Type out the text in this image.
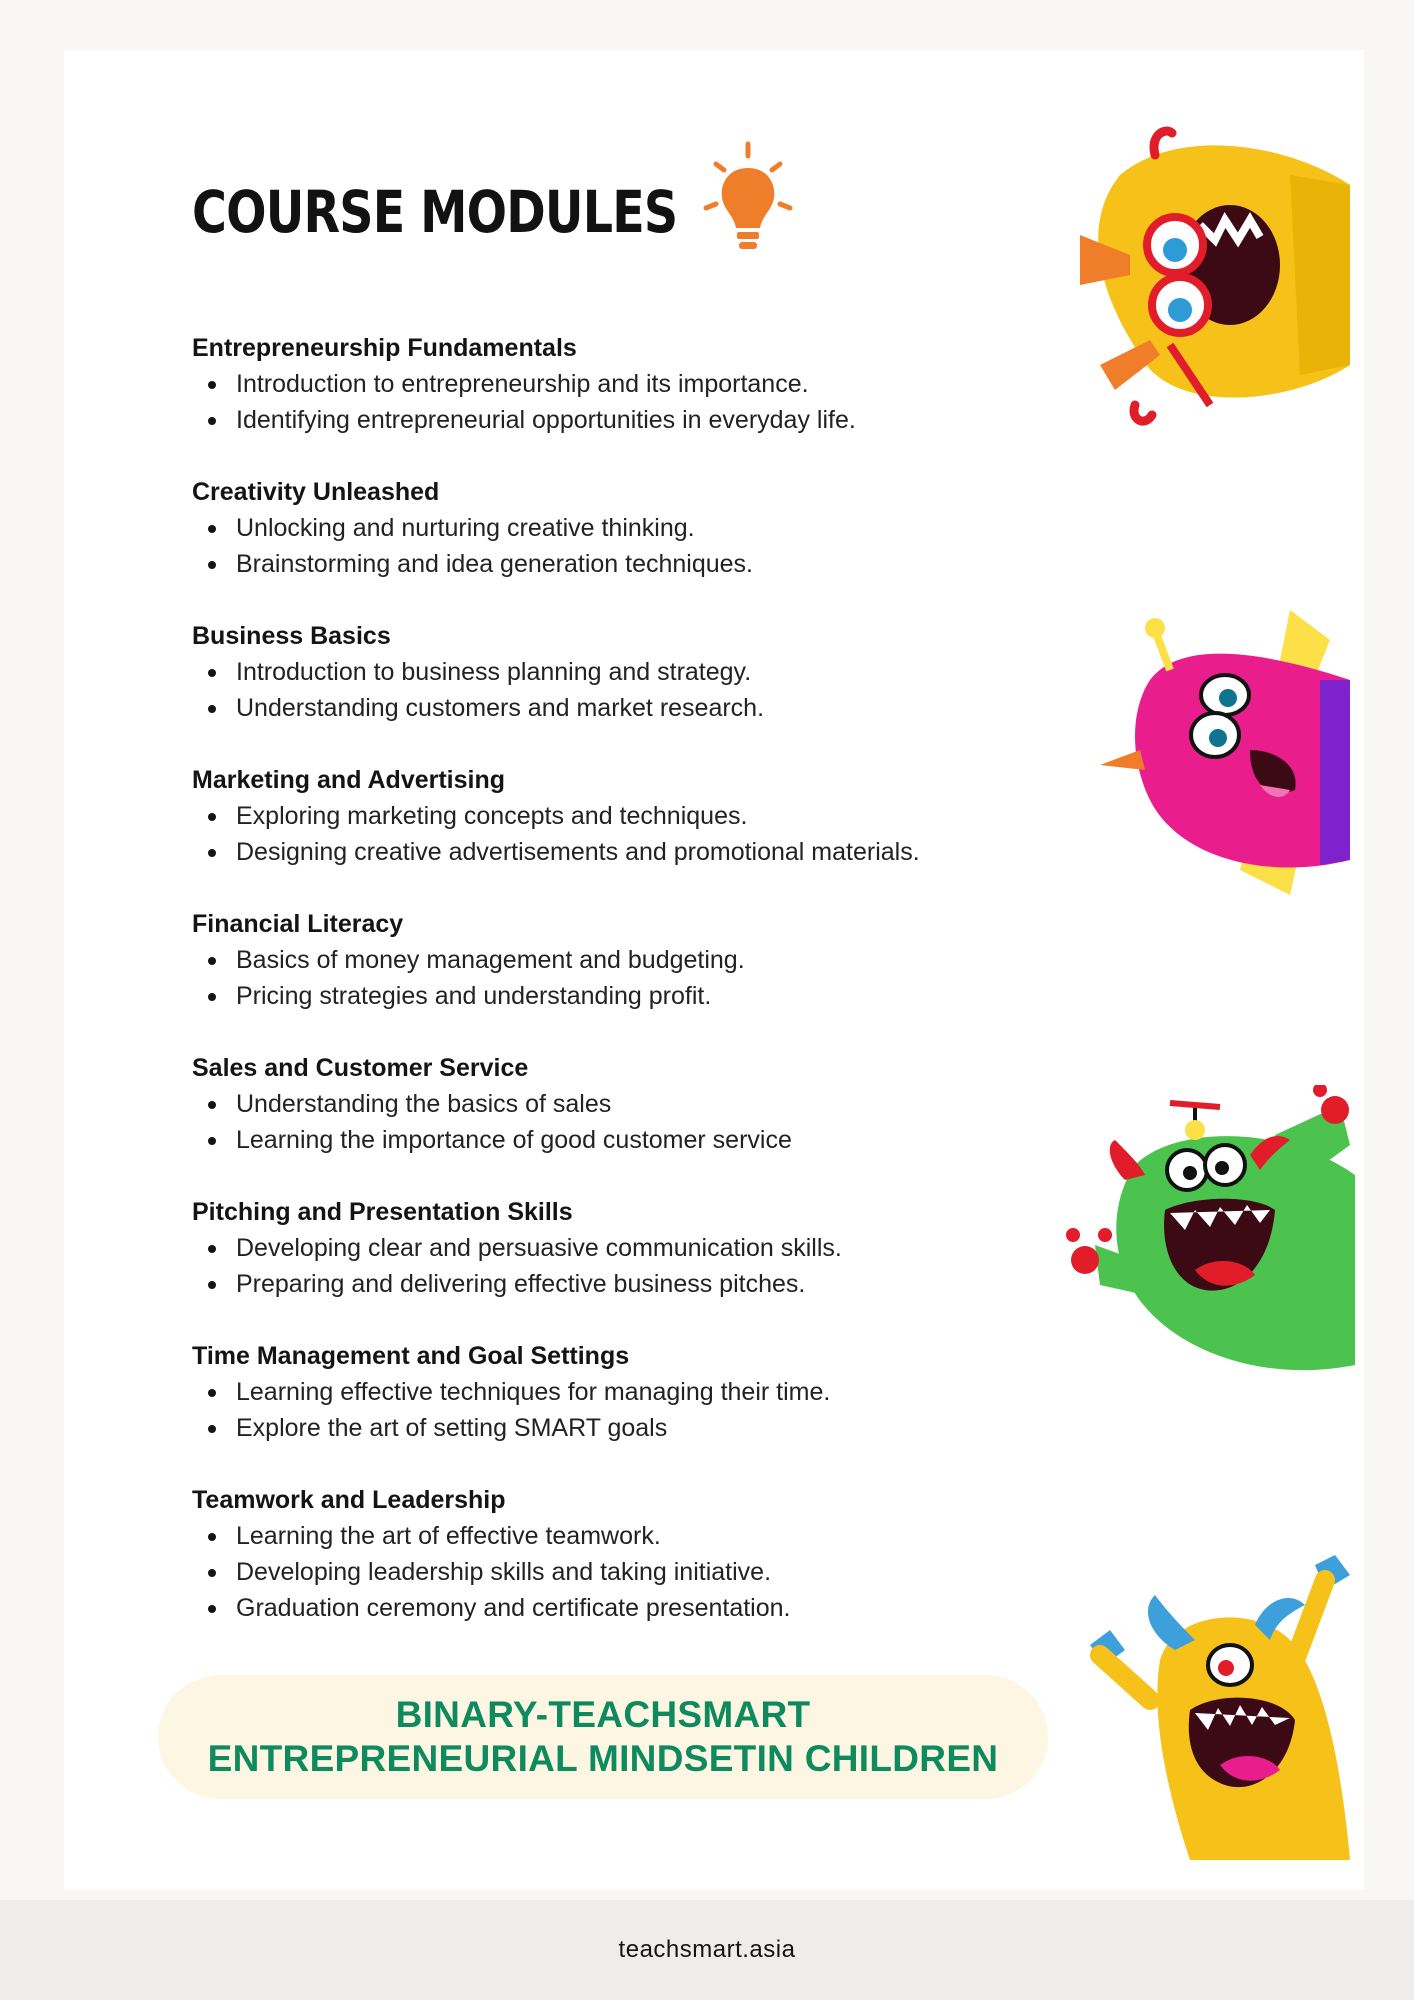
COURSE MODULES
Entrepreneurship Fundamentals
Introduction to entrepreneurship and its importance.
Identifying entrepreneurial opportunities in everyday life.
Creativity Unleashed
Unlocking and nurturing creative thinking.
Brainstorming and idea generation techniques.
Business Basics
Introduction to business planning and strategy.
Understanding customers and market research.
Marketing and Advertising
Exploring marketing concepts and techniques.
Designing creative advertisements and promotional materials.
Financial Literacy
Basics of money management and budgeting.
Pricing strategies and understanding profit.
Sales and Customer Service
Understanding the basics of sales
Learning the importance of good customer service
Pitching and Presentation Skills
Developing clear and persuasive communication skills.
Preparing and delivering effective business pitches.
Time Management and Goal Settings
Learning effective techniques for managing their time.
Explore the art of setting SMART goals
Teamwork and Leadership
Learning the art of effective teamwork.
Developing leadership skills and taking initiative.
Graduation ceremony and certificate presentation.
BINARY-TEACHSMART
ENTREPRENEURIAL MINDSETIN CHILDREN
teachsmart.asia
